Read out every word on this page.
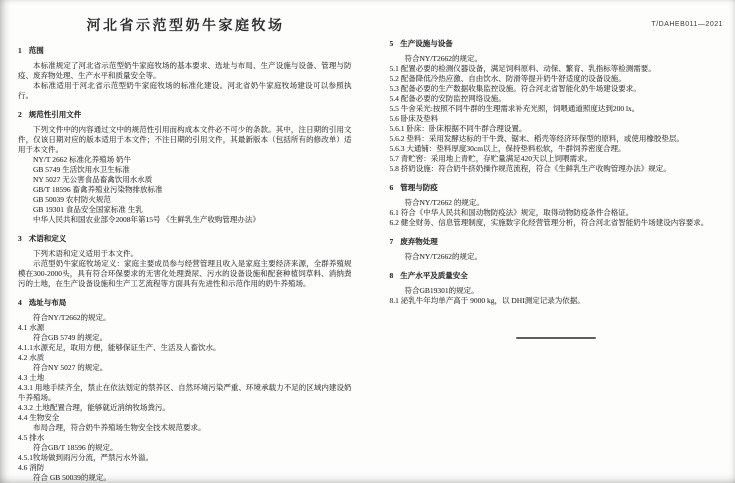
河北省示范型奶牛家庭牧场	T/DAHEB011—2021
1 范围
本标准规定了河北省示范型奶牛家庭牧场的基本要求、选址与布局、生产设施与设备、管理与防疫、废弃物处理、生产水平和质量安全等。
本标准适用于河北省示范型奶牛家庭牧场的标准化建设。河北省奶牛家庭牧场建设可以参照执行。
2 规范性引用文件
下列文件中的内容通过文中的规范性引用而构成本文件必不可少的条款。其中，注日期的引用文件，仅该日期对应的版本适用于本文件；不注日期的引用文件，其最新版本（包括所有的修改单）适用于本文件。
NY/T 2662 标准化养殖场 奶牛
GB 5749 生活饮用水卫生标准
NY 5027 无公害食品畜禽饮用水水质
GB/T 18596 畜禽养殖业污染物排放标准
GB 50039 农村防火规范
GB 19301 食品安全国家标准 生乳
中华人民共和国农业部令2008年第15号 《生鲜乳生产收购管理办法》
3 术语和定义
下列术语和定义适用于本文件。
示范型奶牛家庭牧场定义：家庭主要成员参与经营管理且收入是家庭主要经济来源，全群养殖规模在300-2000头，具有符合环保要求的无害化处理粪尿、污水的设备设施和配套种植饲草料、消纳粪污的土地，在生产设备设施和生产工艺流程等方面具有先进性和示范作用的奶牛养殖场。
4 选址与布局
符合NY/T2662的规定。
4.1 水源
符合GB 5749 的规定。
4.1.1水源充足，取用方便，能够保证生产、生活及人畜饮水。
4.2 水质
符合NY 5027 的规定。
4.3 土地
4.3.1 用地手续齐全，禁止在依法划定的禁养区、自然环境污染严重、环境承载力不足的区域内建设奶牛养殖场。
4.3.2 土地配置合理，能够就近消纳牧场粪污。
4.4 生物安全
布局合理，符合奶牛养殖场生物安全技术规范要求。
4.5 排水
符合GB/T 18596 的规定。
4.5.1牧场做到雨污分流，严禁污水外溢。
4.6 消防
符合 GB 50039的规定。
5 生产设施与设备
符合NY/T2662的规定。
5.1 配置必要的检测仪器设备，满足饲料原料、动保、繁育、乳指标等检测需要。
5.2 配备降低冷热应激、自由饮水、防滑等提升奶牛舒适度的设备设施。
5.3 配备必要的生产数据收集监控设施。符合河北省智能化奶牛场建设要求。
5.4 配备必要的安防监控网络设施。
5.5 牛舍采光:按照不同牛群的生理需求补充光照，饲喂通道照度达到200 lx。
5.6 卧床及垫料
5.6.1 卧床：卧床根据不同牛群合理设置。
5.6.2 垫料：采用发酵达标的干牛粪、锯末、稻壳等经济环保型的原料，或使用橡胶垫层。
5.6.3 大通铺：垫料厚度30cm以上，保持垫料松软，牛群饲养密度合理。
5.7 青贮窖：采用地上青贮，存贮量满足420天以上饲喂需求。
5.8 挤奶设施：符合奶牛挤奶操作规范流程，符合《生鲜乳生产收购管理办法》规定。
6 管理与防疫
符合NY/T2662 的规定。
6.1 符合《中华人民共和国动物防疫法》规定，取得动物防疫条件合格证。
6.2 健全财务、信息管理制度，实施数字化经营管理分析，符合河北省智能奶牛场建设内容要求。
7 废弃物处理
符合NY/T2662的规定。
8 生产水平及质量安全
符合GB19301的规定。
8.1 泌乳牛年均单产高于 9000 kg，以 DHI测定记录为依据。
